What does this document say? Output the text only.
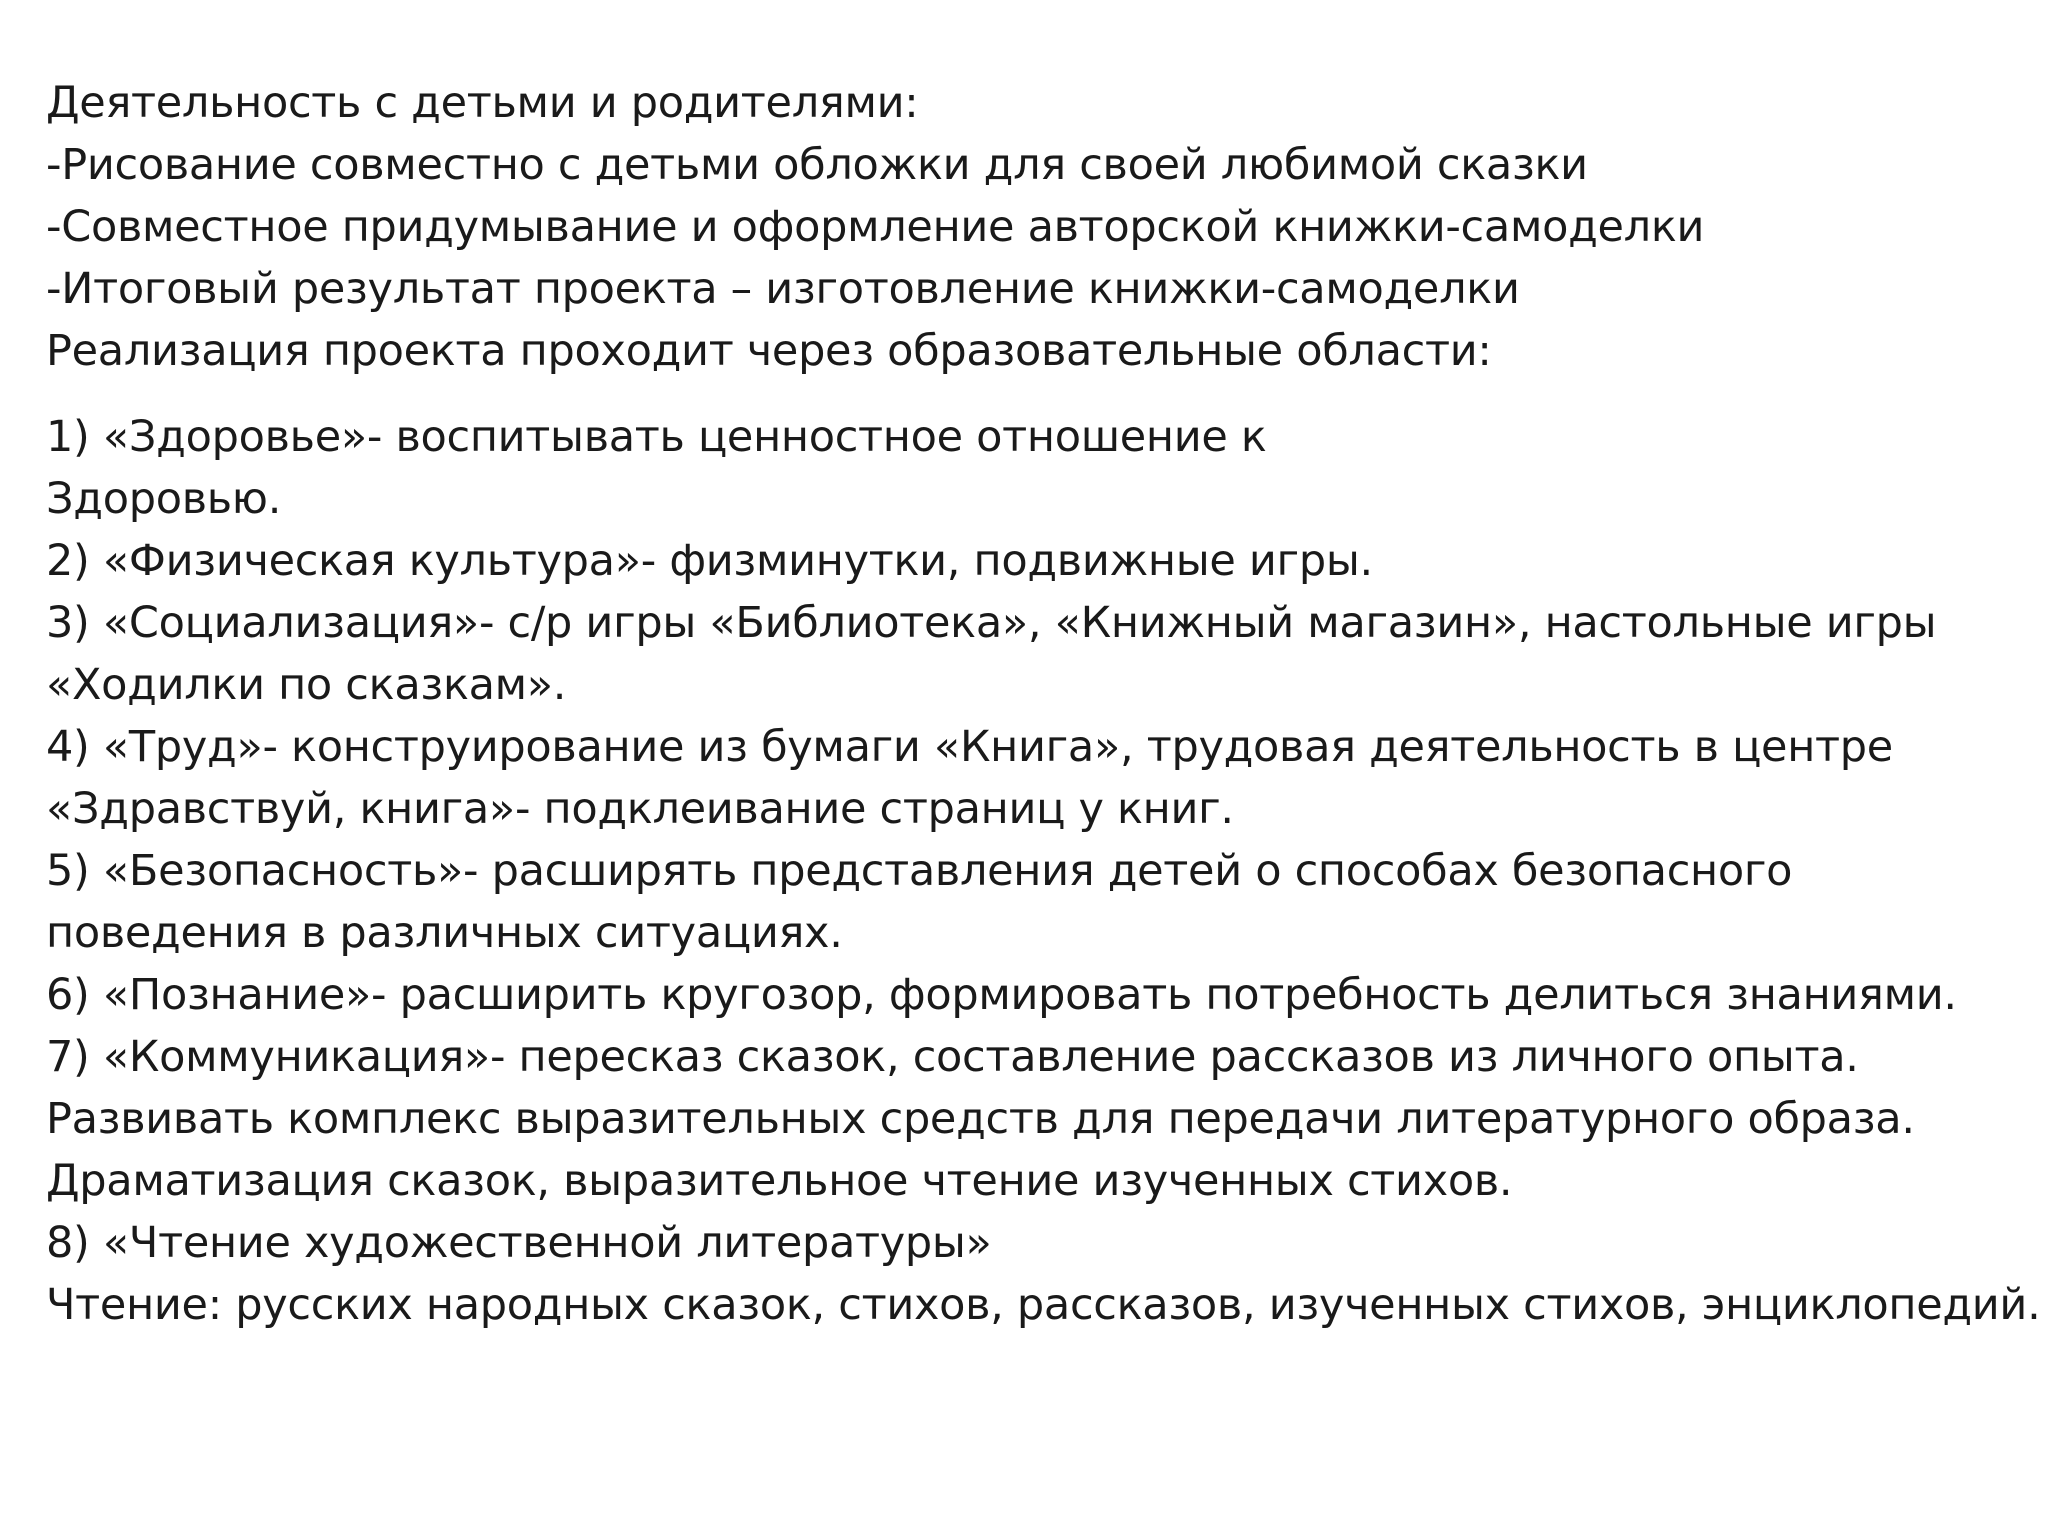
Деятельность с детьми и родителями:

-Рисование совместно с детьми обложки для своей любимой сказки

-Совместное придумывание и оформление авторской книжки-самоделки

-Итоговый результат проекта – изготовление книжки-самоделки

Реализация проекта проходит через образовательные области:

1) «Здоровье»- воспитывать ценностное отношение к

Здоровью.

2) «Физическая культура»- физминутки, подвижные игры.

3) «Социализация»- с/р игры «Библиотека», «Книжный магазин», настольные игры

«Ходилки по сказкам».

4) «Труд»- конструирование из бумаги «Книга», трудовая деятельность в центре

«Здравствуй, книга»- подклеивание страниц у книг.

5) «Безопасность»- расширять представления детей о способах безопасного

поведения в различных ситуациях.

6) «Познание»- расширить кругозор, формировать потребность делиться знаниями.

7) «Коммуникация»- пересказ сказок, составление рассказов из личного опыта.

Развивать комплекс выразительных средств для передачи литературного образа.

Драматизация сказок, выразительное чтение изученных стихов.

8) «Чтение художественной литературы»

Чтение: русских народных сказок, стихов, рассказов, изученных стихов, энциклопедий.
